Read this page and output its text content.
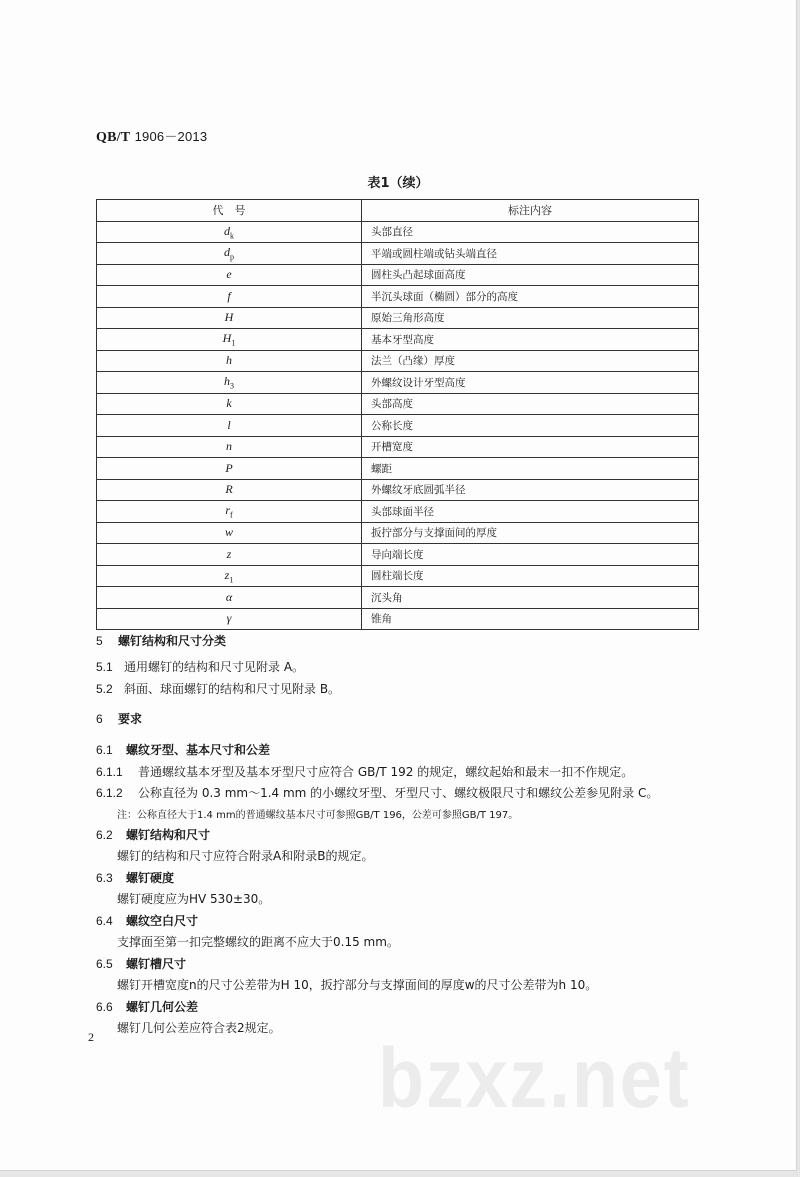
QB/T 1906－2013
表1（续）
代　号	标注内容
$d_k$	头部直径
$d_p$	平端或圆柱端或钻头端直径
e	圆柱头凸起球面高度
f	半沉头球面（椭圆）部分的高度
H	原始三角形高度
$H_1$	基本牙型高度
h	法兰（凸缘）厚度
$h_3$	外螺纹设计牙型高度
k	头部高度
l	公称长度
n	开槽宽度
P	螺距
R	外螺纹牙底圆弧半径
$r_f$	头部球面半径
w	扳拧部分与支撑面间的厚度
z	导向端长度
$z_1$	圆柱端长度
α	沉头角
γ	锥角
5 螺钉结构和尺寸分类
5.1 通用螺钉的结构和尺寸见附录 A。
5.2 斜面、球面螺钉的结构和尺寸见附录 B。
6 要求
6.1 螺纹牙型、基本尺寸和公差
6.1.1 普通螺纹基本牙型及基本牙型尺寸应符合 GB/T 192 的规定，螺纹起始和最末一扣不作规定。
6.1.2 公称直径为 0.3 mm～1.4 mm 的小螺纹牙型、牙型尺寸、螺纹极限尺寸和螺纹公差参见附录 C。
注：公称直径大于1.4 mm的普通螺纹基本尺寸可参照GB/T 196，公差可参照GB/T 197。
6.2 螺钉结构和尺寸
螺钉的结构和尺寸应符合附录A和附录B的规定。
6.3 螺钉硬度
螺钉硬度应为HV 530±30。
6.4 螺纹空白尺寸
支撑面至第一扣完整螺纹的距离不应大于0.15 mm。
6.5 螺钉槽尺寸
螺钉开槽宽度n的尺寸公差带为H 10，扳拧部分与支撑面间的厚度w的尺寸公差带为h 10。
6.6 螺钉几何公差
螺钉几何公差应符合表2规定。
2	bzxz.net
